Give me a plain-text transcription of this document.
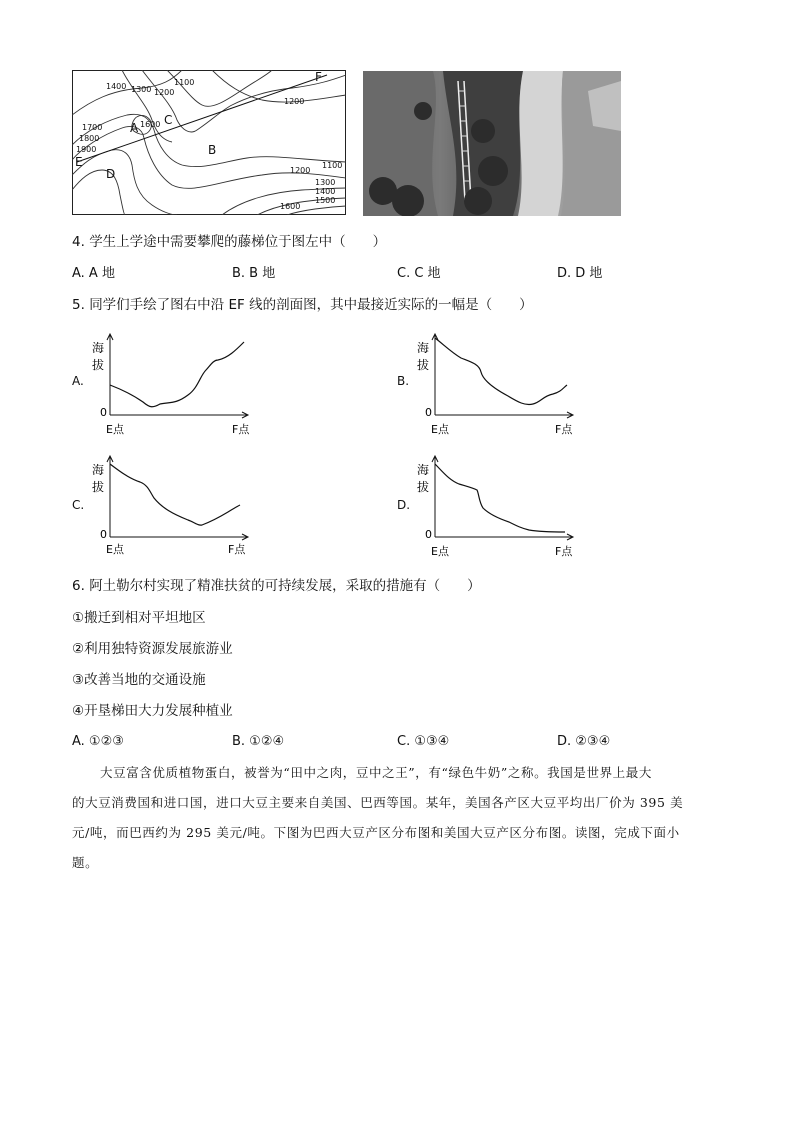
A
B
C
D
E
F
1400 1300 1200
1100
1200
1700
1800
1900
1600
1100
1200
1300
1400
1500
1600
4. 学生上学途中需要攀爬的藤梯位于图左中（　　）
A. A 地	B. B 地	C. C 地	D. D 地
5. 同学们手绘了图右中沿 EF 线的剖面图，其中最接近实际的一幅是（　　）
A.
海
拔
0
E点	F点
B.
海
拔
0
E点	F点
C.
海
拔
0
E点	F点
D.
海
拔
0
E点	F点
6. 阿土勒尔村实现了精准扶贫的可持续发展，采取的措施有（　　）
①搬迁到相对平坦地区
②利用独特资源发展旅游业
③改善当地的交通设施
④开垦梯田大力发展种植业
A. ①②③	B. ①②④	C. ①③④	D. ②③④
大豆富含优质植物蛋白，被誉为“田中之肉，豆中之王”，有“绿色牛奶”之称。我国是世界上最大
的大豆消费国和进口国，进口大豆主要来自美国、巴西等国。某年，美国各产区大豆平均出厂价为 395 美
元/吨，而巴西约为 295 美元/吨。下图为巴西大豆产区分布图和美国大豆产区分布图。读图，完成下面小
题。
